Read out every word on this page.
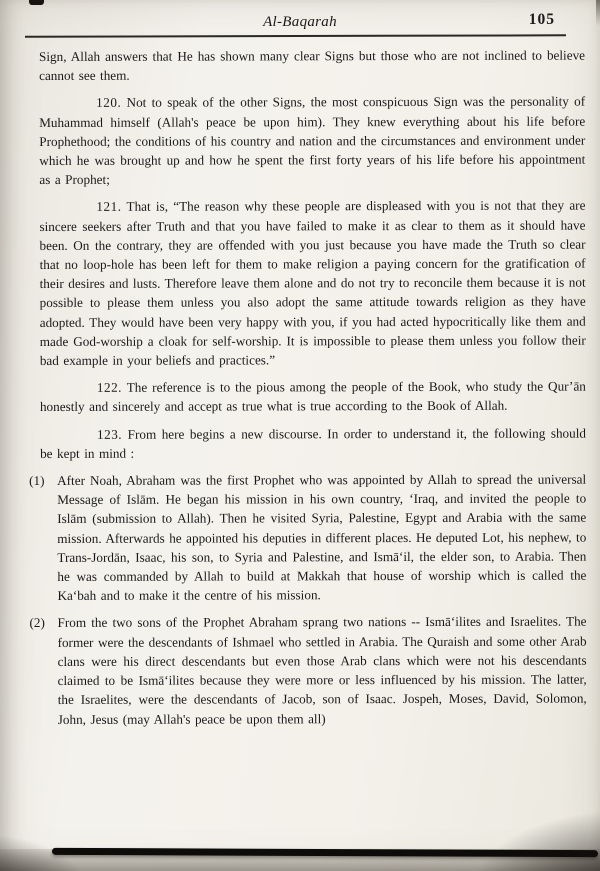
Al-Baqarah	105

Sign, Allah answers that He has shown many clear Signs but those who are not inclined to believe cannot see them.

120. Not to speak of the other Signs, the most conspicuous Sign was the personality of Muhammad himself (Allah's peace be upon him). They knew everything about his life before Prophethood; the conditions of his country and nation and the circumstances and environment under which he was brought up and how he spent the first forty years of his life before his appointment as a Prophet;

121. That is, “The reason why these people are displeased with you is not that they are sincere seekers after Truth and that you have failed to make it as clear to them as it should have been. On the contrary, they are offended with you just because you have made the Truth so clear that no loop-hole has been left for them to make religion a paying concern for the gratification of their desires and lusts. Therefore leave them alone and do not try to reconcile them because it is not possible to please them unless you also adopt the same attitude towards religion as they have adopted. They would have been very happy with you, if you had acted hypocritically like them and made God-worship a cloak for self-worship. It is impossible to please them unless you follow their bad example in your beliefs and practices.”

122. The reference is to the pious among the people of the Book, who study the Qur’ān honestly and sincerely and accept as true what is true according to the Book of Allah.

123. From here begins a new discourse. In order to understand it, the following should be kept in mind :

(1) After Noah, Abraham was the first Prophet who was appointed by Allah to spread the universal Message of Islām. He began his mission in his own country, ‘Iraq, and invited the people to Islām (submission to Allah). Then he visited Syria, Palestine, Egypt and Arabia with the same mission. Afterwards he appointed his deputies in different places. He deputed Lot, his nephew, to Trans-Jordān, Isaac, his son, to Syria and Palestine, and Ismā‘il, the elder son, to Arabia. Then he was commanded by Allah to build at Makkah that house of worship which is called the Ka‘bah and to make it the centre of his mission.

(2) From the two sons of the Prophet Abraham sprang two nations -- Ismā‘ilites and Israelites. The former were the descendants of Ishmael who settled in Arabia. The Quraish and some other Arab clans were his direct descendants but even those Arab clans which were not his descendants claimed to be Ismā‘ilites because they were more or less influenced by his mission. The latter, the Israelites, were the descendants of Jacob, son of Isaac. Jospeh, Moses, David, Solomon, John, Jesus (may Allah's peace be upon them all)
